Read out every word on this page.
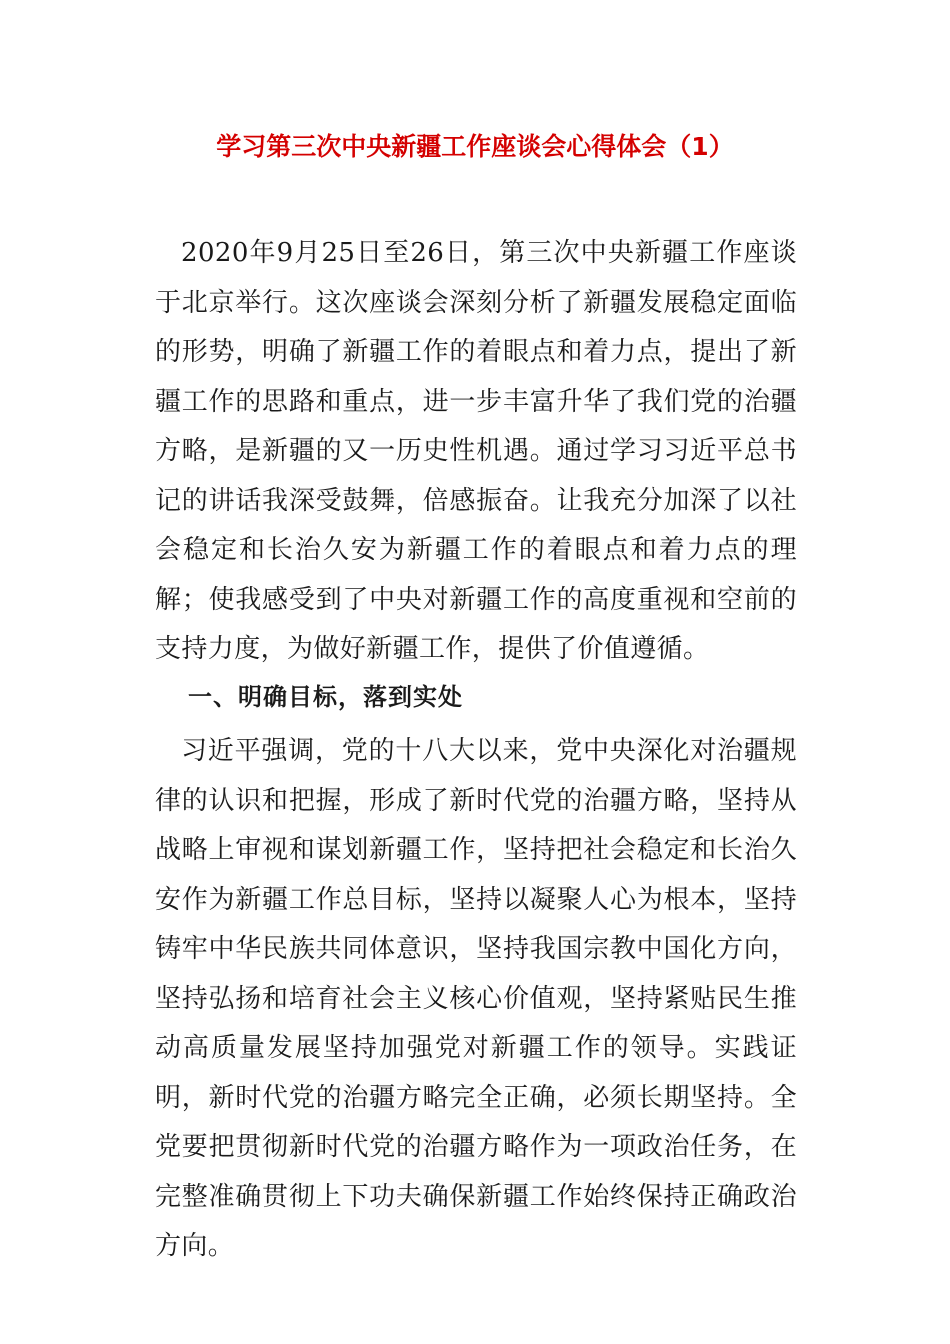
学习第三次中央新疆工作座谈会心得体会（1）

2020年9月25日至26日，第三次中央新疆工作座谈于北京举行。这次座谈会深刻分析了新疆发展稳定面临的形势，明确了新疆工作的着眼点和着力点，提出了新疆工作的思路和重点，进一步丰富升华了我们党的治疆方略，是新疆的又一历史性机遇。通过学习习近平总书记的讲话我深受鼓舞，倍感振奋。让我充分加深了以社会稳定和长治久安为新疆工作的着眼点和着力点的理解；使我感受到了中央对新疆工作的高度重视和空前的支持力度，为做好新疆工作，提供了价值遵循。

一、明确目标，落到实处

习近平强调，党的十八大以来，党中央深化对治疆规律的认识和把握，形成了新时代党的治疆方略，坚持从战略上审视和谋划新疆工作，坚持把社会稳定和长治久安作为新疆工作总目标，坚持以凝聚人心为根本，坚持铸牢中华民族共同体意识，坚持我国宗教中国化方向，坚持弘扬和培育社会主义核心价值观，坚持紧贴民生推动高质量发展坚持加强党对新疆工作的领导。实践证明，新时代党的治疆方略完全正确，必须长期坚持。全党要把贯彻新时代党的治疆方略作为一项政治任务，在完整准确贯彻上下功夫确保新疆工作始终保持正确政治方向。
